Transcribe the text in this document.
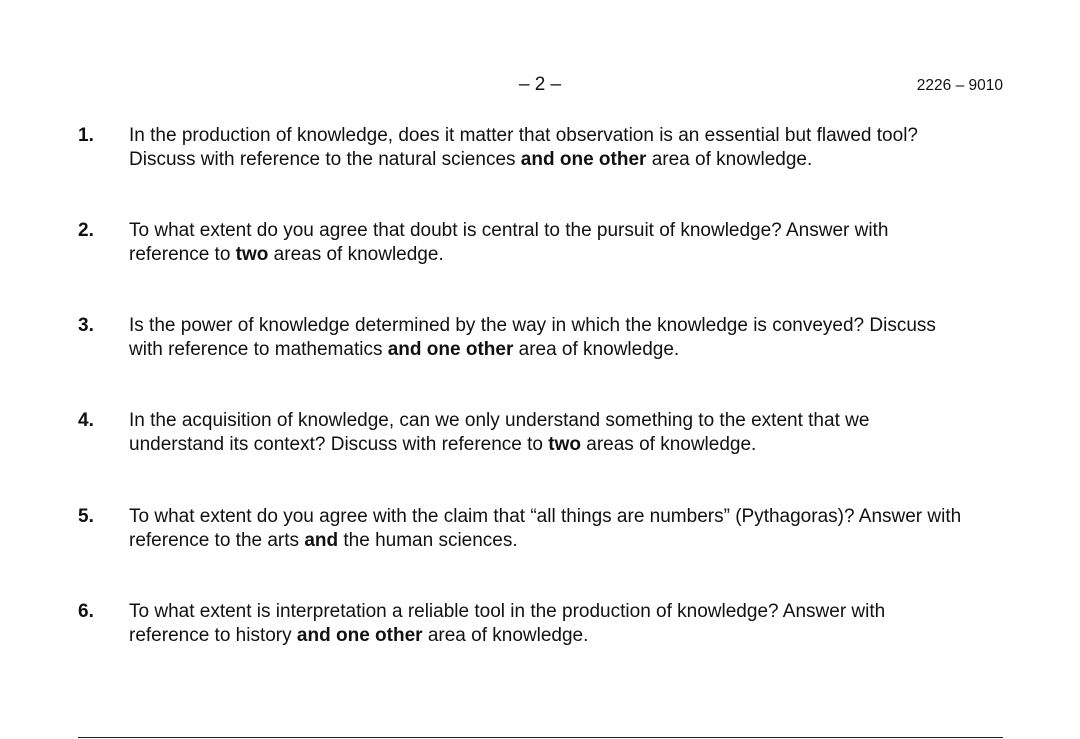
– 2 –	2226 – 9010
1. In the production of knowledge, does it matter that observation is an essential but flawed tool?
Discuss with reference to the natural sciences and one other area of knowledge.
2. To what extent do you agree that doubt is central to the pursuit of knowledge? Answer with
reference to two areas of knowledge.
3. Is the power of knowledge determined by the way in which the knowledge is conveyed? Discuss
with reference to mathematics and one other area of knowledge.
4. In the acquisition of knowledge, can we only understand something to the extent that we
understand its context? Discuss with reference to two areas of knowledge.
5. To what extent do you agree with the claim that “all things are numbers” (Pythagoras)? Answer with
reference to the arts and the human sciences.
6. To what extent is interpretation a reliable tool in the production of knowledge? Answer with
reference to history and one other area of knowledge.
